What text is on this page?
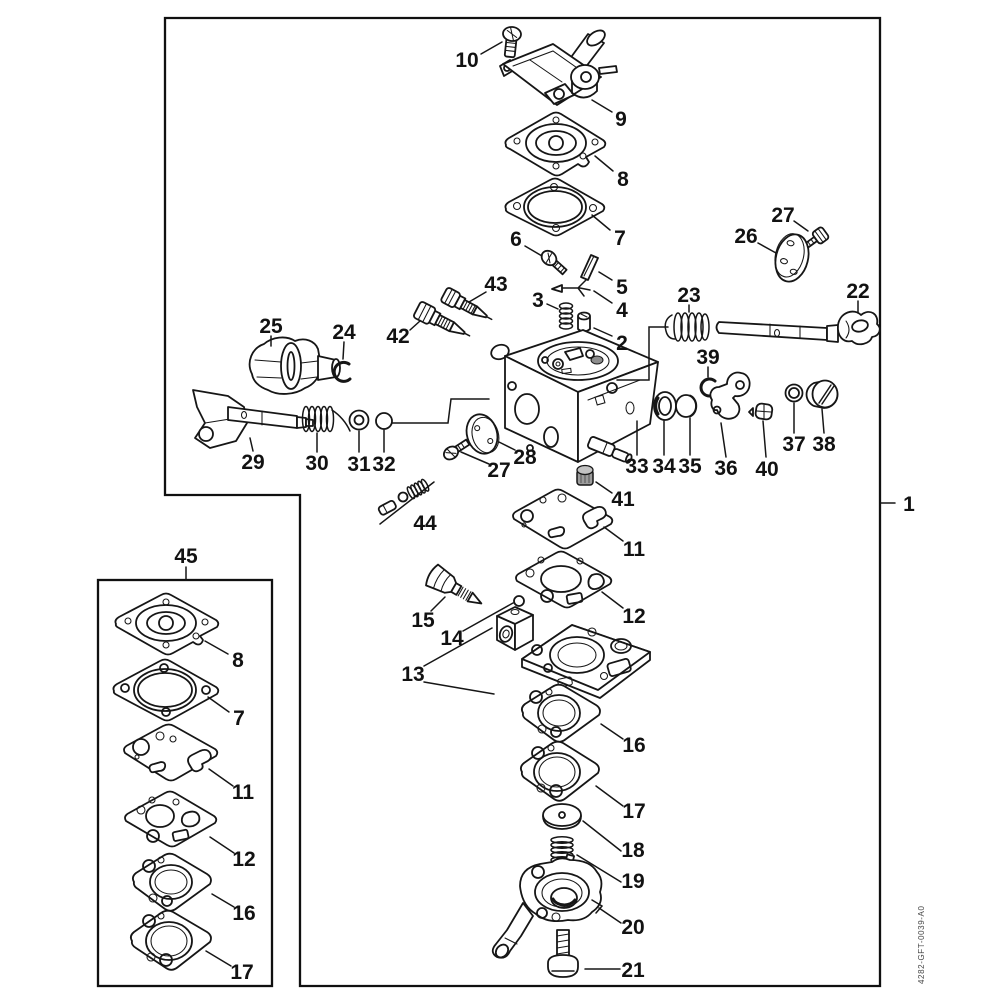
10
9
8
7
6
5
4
3
2
43
42
27
26
23	22
39
25 24
29 30 31 32	27
28	33 34 35 36 40
37 38
41
44
11
12
15
14
13
16
17
18
19
20
21
1
45
8
7
11
12
16
17	4282-GFT-0039-A0
